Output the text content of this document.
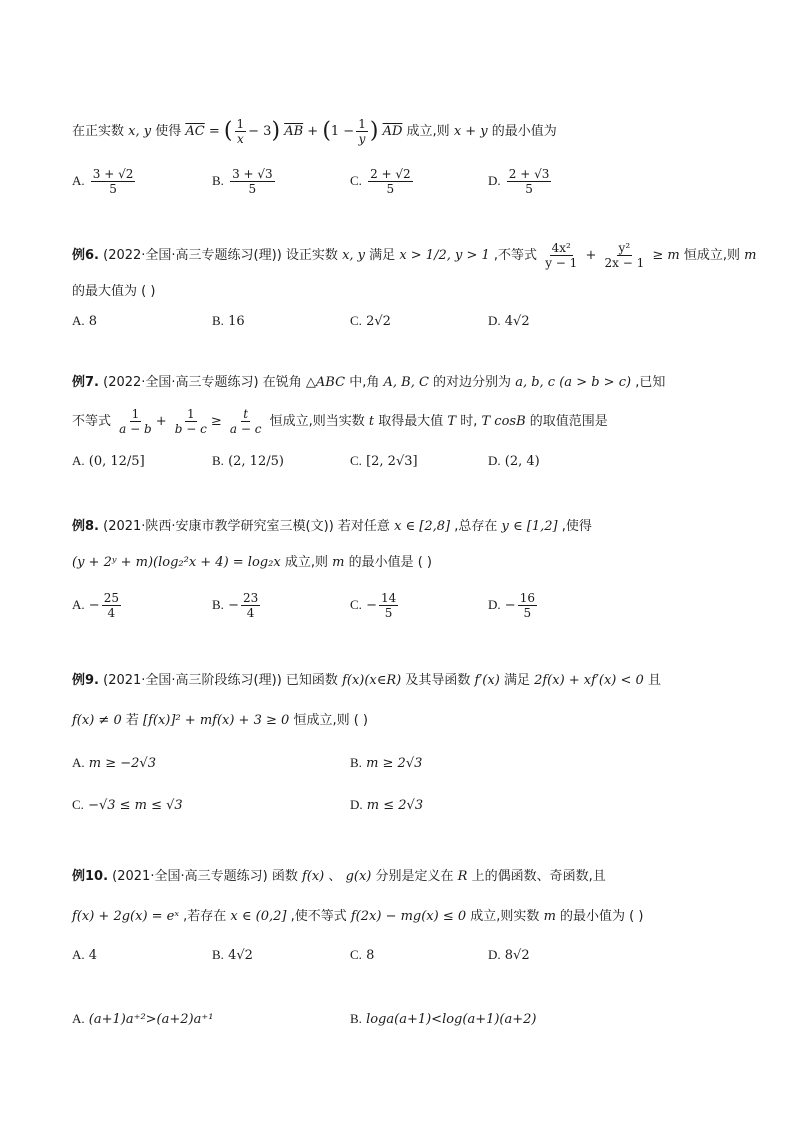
在正实数 x, y 使得 $\overline{AC}$ = ( $\frac{1}{x} - 3$) $\overline{AB} + (1 - \frac{1}{y}$ ) $\overline{AD}$ 成立,则 x + y 的最小值为
A. $\frac{3 + √2}{5}$	B. $\frac{3 + √3}{5}$	C. $\frac{2 + √2}{5}$	D. $\frac{2 + √3}{5}$
例6. (2022·全国·高三专题练习(理)) 设正实数 x, y 满足 x > 1/2, y > 1 ,不等式 $\frac{\text{4x²}}{y - 1} + \frac{\text{y²}}{2x - 1} \ge m$ 恒成立,则 m
的最大值为 ( )
A. 8	B. 16	C. 2√2	D. 4√2
例7. (2022·全国·高三专题练习) 在锐角 △ABC 中,角 A, B, C 的对边分别为 a, b, c (a > b > c) ,已知
不等式 $\frac{1}{a - b} + \frac{1}{b - c} \ge \frac{t}{a - c}$ 恒成立,则当实数 t 取得最大值 T 时, T cosB 的取值范围是
A. (0, 12/5]	B. (2, 12/5)	C. [2, 2√3]	D. (2, 4)
例8. (2021·陕西·安康市教学研究室三模(文)) 若对任意 x ∈ [2,8] ,总存在 y ∈ [1,2] ,使得
(y + 2ʸ + m)(log₂²x + 4) = log₂x 成立,则 m 的最小值是 ( )
A. − $\frac{25}{4}$	B. − $\frac{23}{4}$	C. − $\frac{14}{5}$	D. − $\frac{16}{5}$
例9. (2021·全国·高三阶段练习(理)) 已知函数 f(x)(x∈R) 及其导函数 f′(x) 满足 2f(x) + xf′(x) < 0 且
f(x) ≠ 0 若 [f(x)]² + mf(x) + 3 ≥ 0 恒成立,则 ( )
A. m ≥ −2√3	B. m ≥ 2√3
C. −√3 ≤ m ≤ √3	D. m ≤ 2√3
例10. (2021·全国·高三专题练习) 函数 f(x) 、 g(x) 分别是定义在 R 上的偶函数、奇函数,且
f(x) + 2g(x) = eˣ ,若存在 x ∈ (0,2] ,使不等式 f(2x) − mg(x) ≤ 0 成立,则实数 m 的最小值为 ( )
A. 4	B. 4√2	C. 8	D. 8√2
A. (a+1)a⁺²>(a+2)a⁺¹	B. loga(a+1)<log(a+1)(a+2)
